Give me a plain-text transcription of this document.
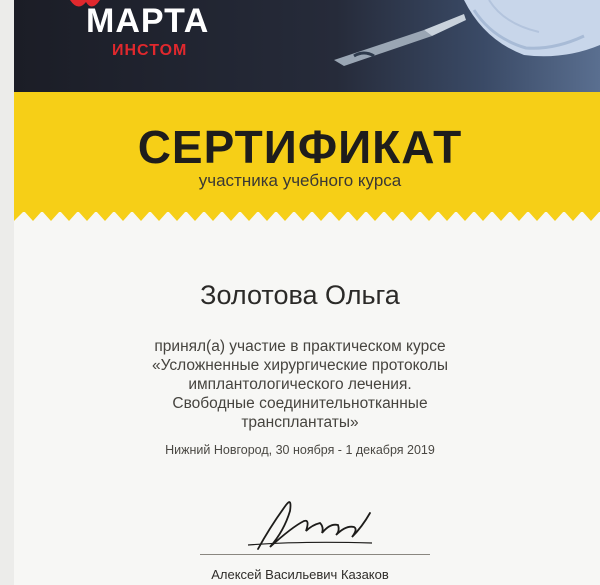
МАРТА
ИНСТОМ
СЕРТИФИКАТ
участника учебного курса
Золотова Ольга
принял(а) участие в практическом курсе
«Усложненные хирургические протоколы
имплантологического лечения.
Свободные соединительнотканные
трансплантаты»
Нижний Новгород, 30 ноября - 1 декабря 2019
Алексей Васильевич Казаков
